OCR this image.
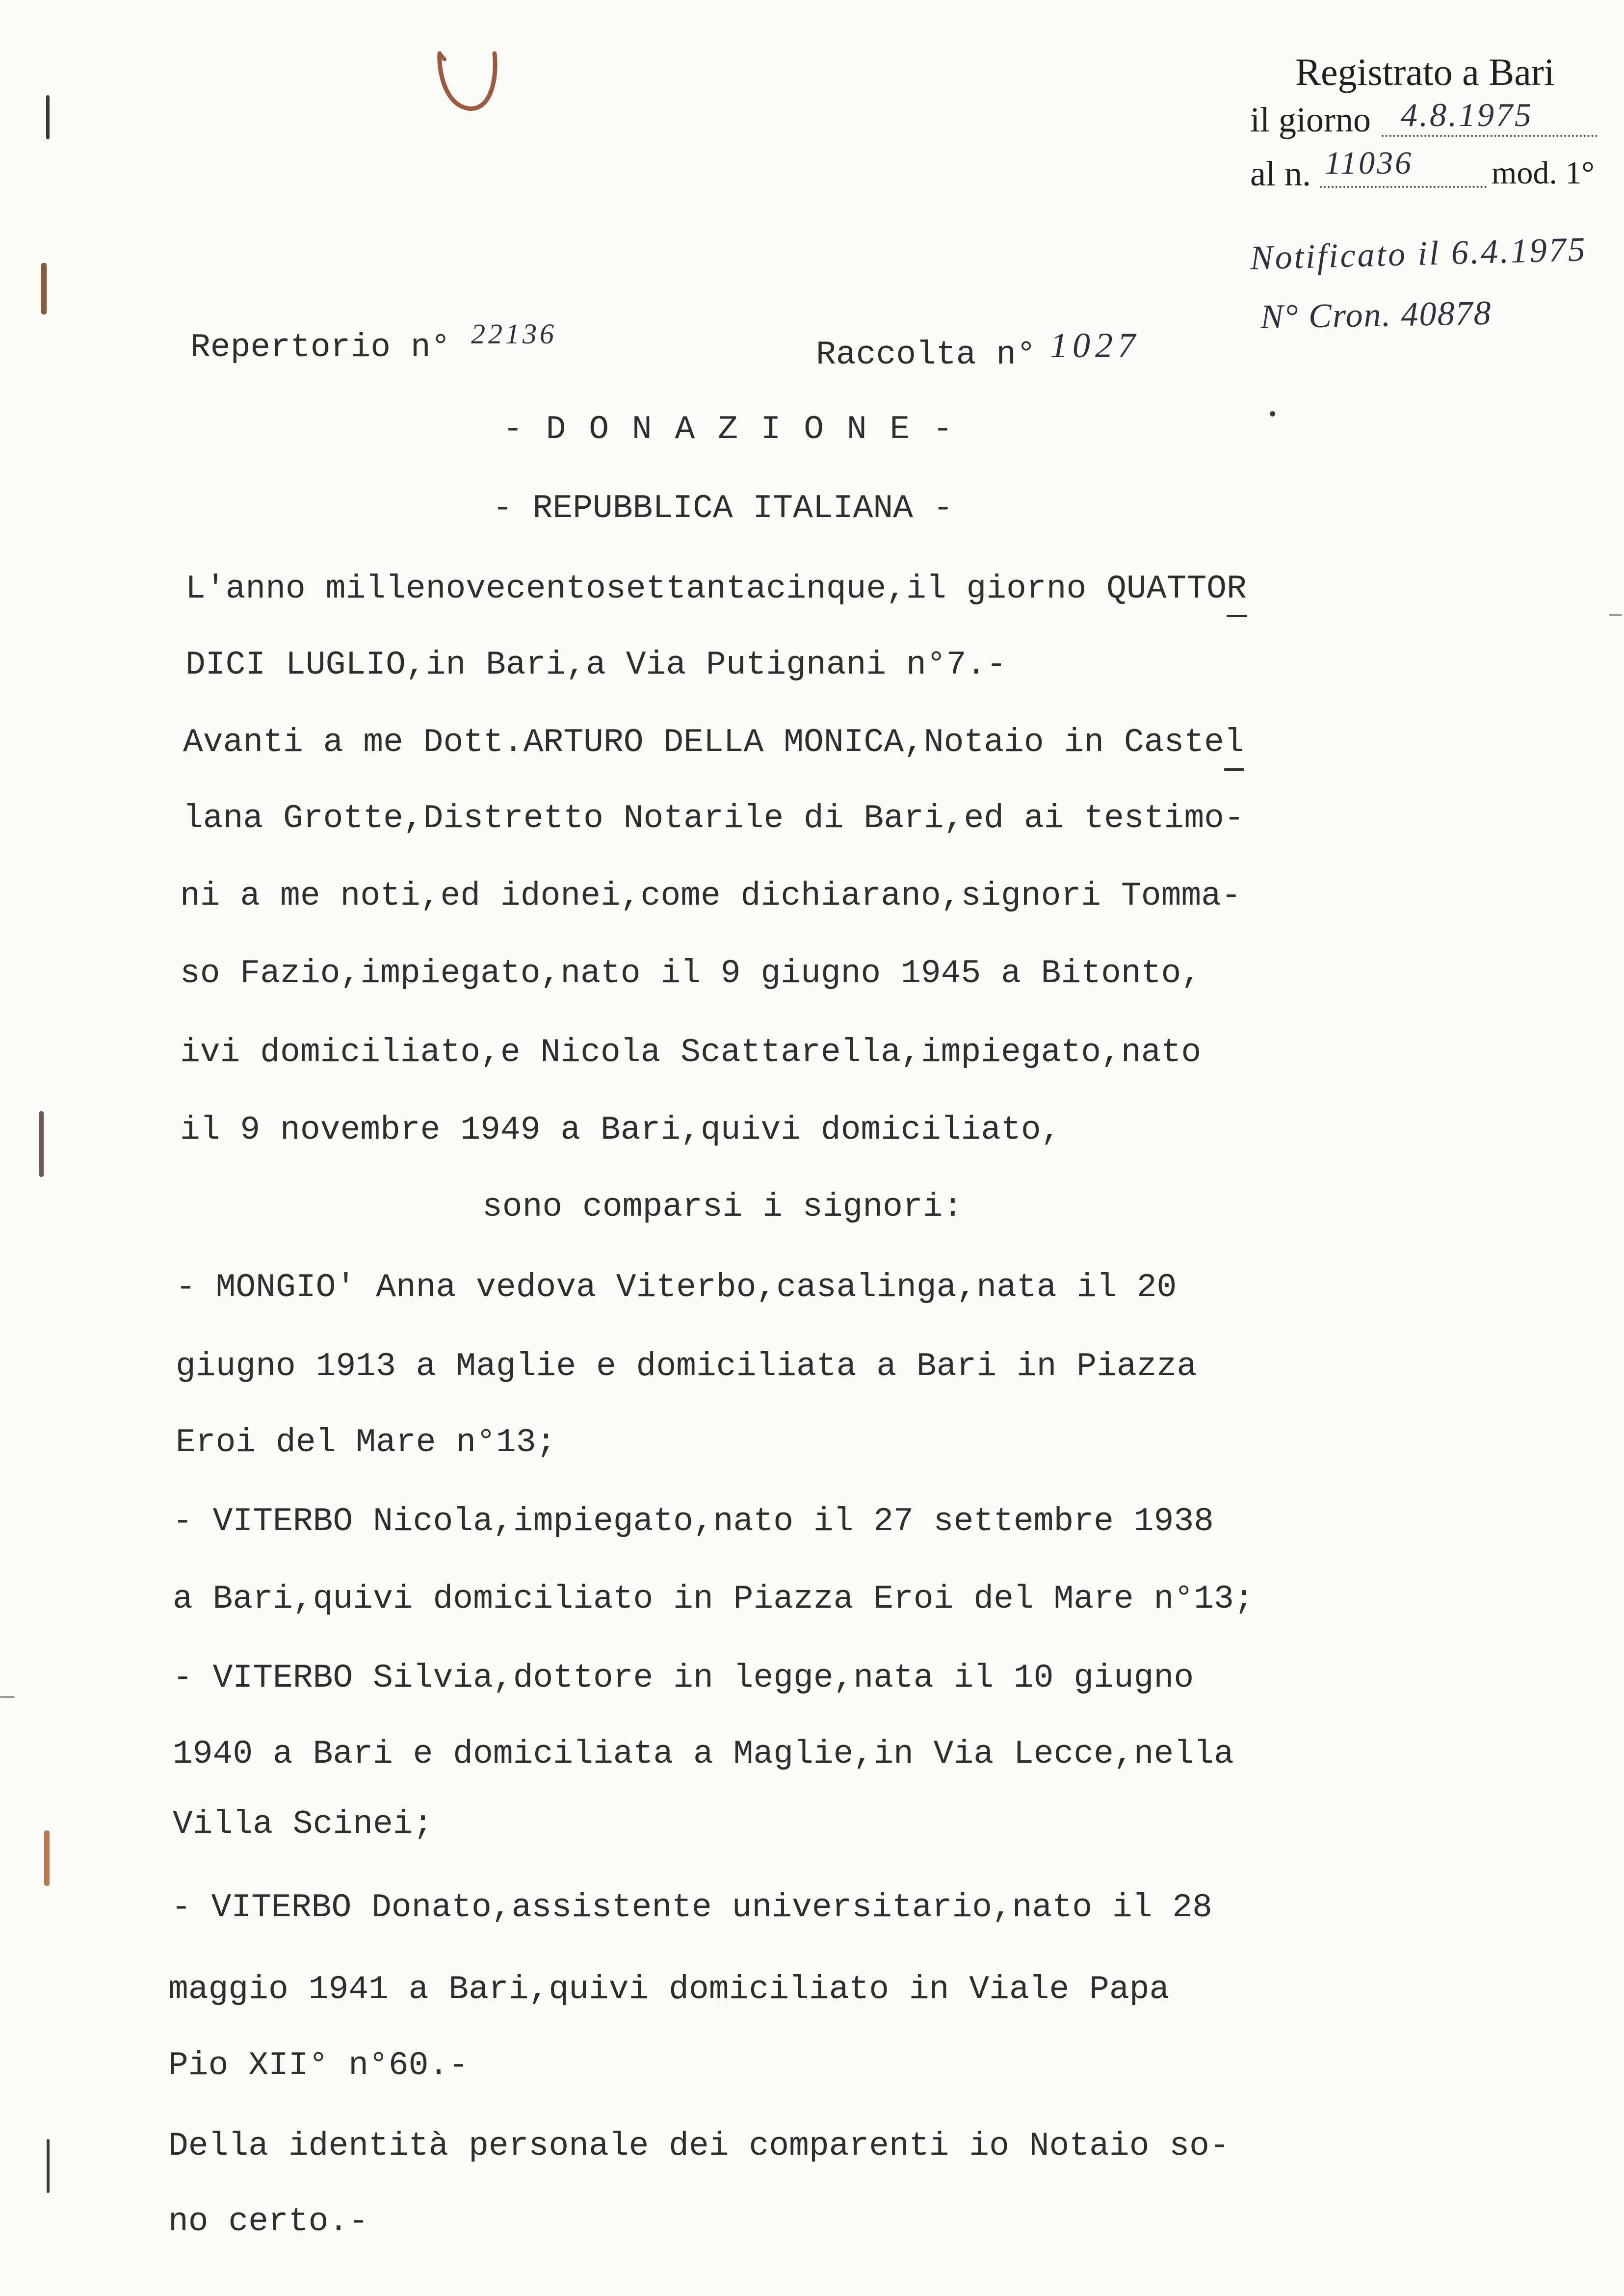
Registrato a Bari
il giorno 4.8.1975
al n. 11036 mod. 1°
Notificato il 6.4.1975
N° Cron. 40878
Repertorio n° 22136
Raccolta n° 1027
- D O N A Z I O N E -
- REPUBBLICA ITALIANA -
L'anno millenovecentosettantacinque,il giorno QUATTOR
DICI LUGLIO,in Bari,a Via Putignani n°7.-
Avanti a me Dott.ARTURO DELLA MONICA,Notaio in Castel
lana Grotte,Distretto Notarile di Bari,ed ai testimo-
ni a me noti,ed idonei,come dichiarano,signori Tomma-
so Fazio,impiegato,nato il 9 giugno 1945 a Bitonto,
ivi domiciliato,e Nicola Scattarella,impiegato,nato
il 9 novembre 1949 a Bari,quivi domiciliato,
sono comparsi i signori:
- MONGIO' Anna vedova Viterbo,casalinga,nata il 20
giugno 1913 a Maglie e domiciliata a Bari in Piazza
Eroi del Mare n°13;
- VITERBO Nicola,impiegato,nato il 27 settembre 1938
a Bari,quivi domiciliato in Piazza Eroi del Mare n°13;
- VITERBO Silvia,dottore in legge,nata il 10 giugno
1940 a Bari e domiciliata a Maglie,in Via Lecce,nella
Villa Scinei;
- VITERBO Donato,assistente universitario,nato il 28
maggio 1941 a Bari,quivi domiciliato in Viale Papa
Pio XII° n°60.-
Della identità personale dei comparenti io Notaio so-
no certo.-
